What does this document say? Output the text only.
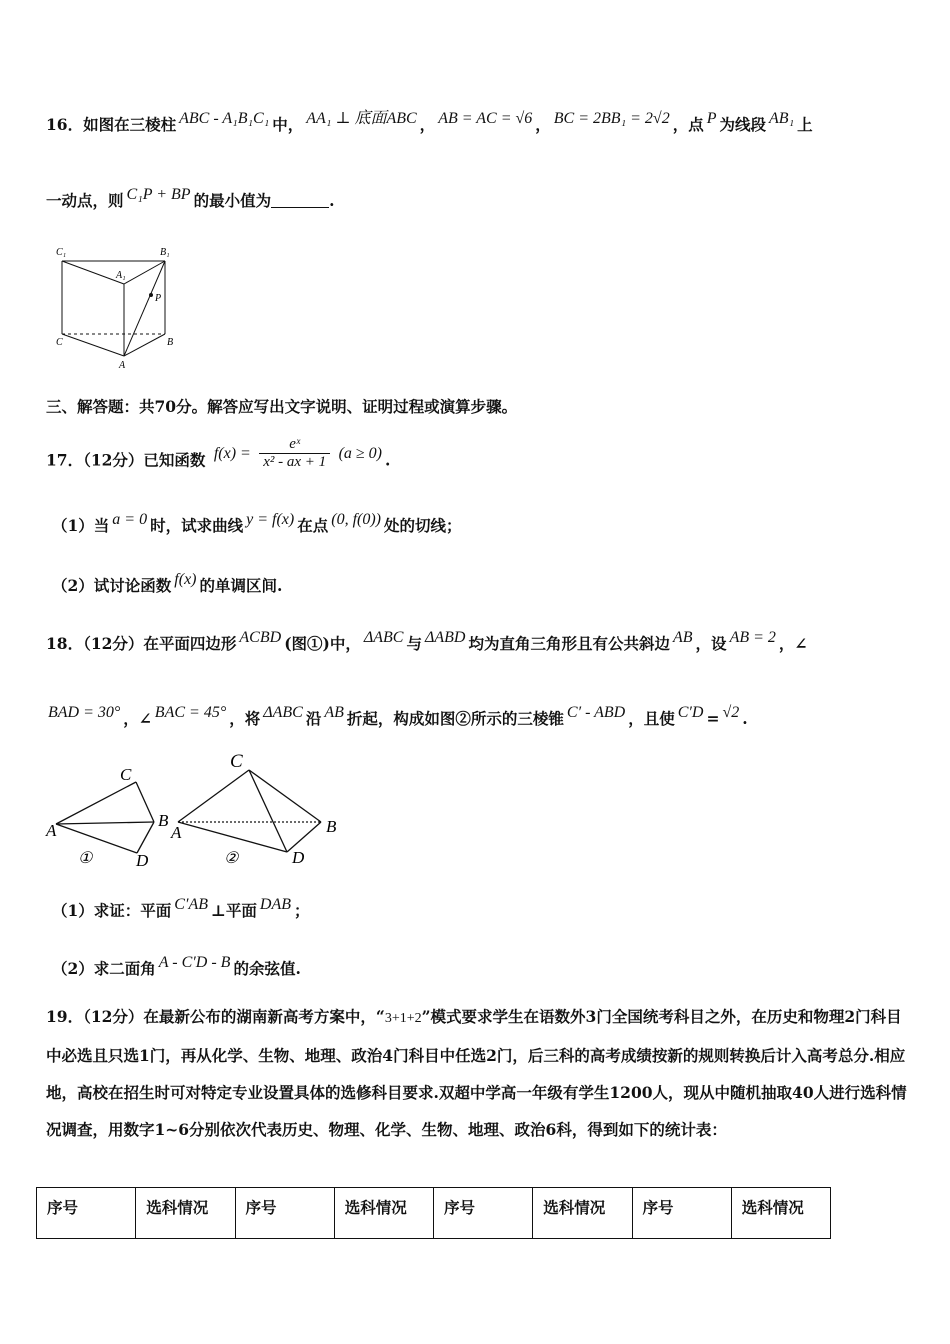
16．如图在三棱柱 ABC - A₁B₁C₁ 中， AA₁ ⊥ 底面ABC ， AB = AC = √6 ， BC = 2BB₁ = 2√2 ，点 P 为线段 AB₁ 上
一动点，则 C₁P + BP 的最小值为	.
C₁	B₁
A₁
P
C	B
A
三、解答题：共70分。解答应写出文字说明、证明过程或演算步骤。
17．（12分）已知函数 $f(x) = \frac{\text{eˣ}}{\text{x² - ax + 1}} (a \ge 0)$ .
（1）当 a = 0 时，试求曲线 y = f(x) 在点 (0, f(0)) 处的切线；
（2）试讨论函数 f(x) 的单调区间.
18．（12分）在平面四边形 ACBD (图①)中， ΔABC 与 ΔABD 均为直角三角形且有公共斜边 AB ，设 AB = 2 ，∠
BAD = 30° ，∠ BAC = 45° ，将 ΔABC 沿 AB 折起，构成如图②所示的三棱锥 C′ - ABD ，且使 C′D = √2 .
C
A
B
D
①
C
A	B
D
②
（1）求证：平面 C′AB ⊥平面 DAB ；
（2）求二面角 A - C′D - B 的余弦值.
19．（12分）在最新公布的湖南新高考方案中，“3+1+2”模式要求学生在语数外3门全国统考科目之外，在历史和物理2门科目中必选且只选1门，再从化学、生物、地理、政治4门科目中任选2门，后三科的高考成绩按新的规则转换后计入高考总分.相应地，高校在招生时可对特定专业设置具体的选修科目要求.双超中学高一年级有学生1200人，现从中随机抽取40人进行选科情况调查，用数字1~6分别依次代表历史、物理、化学、生物、地理、政治6科，得到如下的统计表：
序号	选科情况	序号	选科情况	序号	选科情况	序号	选科情况
